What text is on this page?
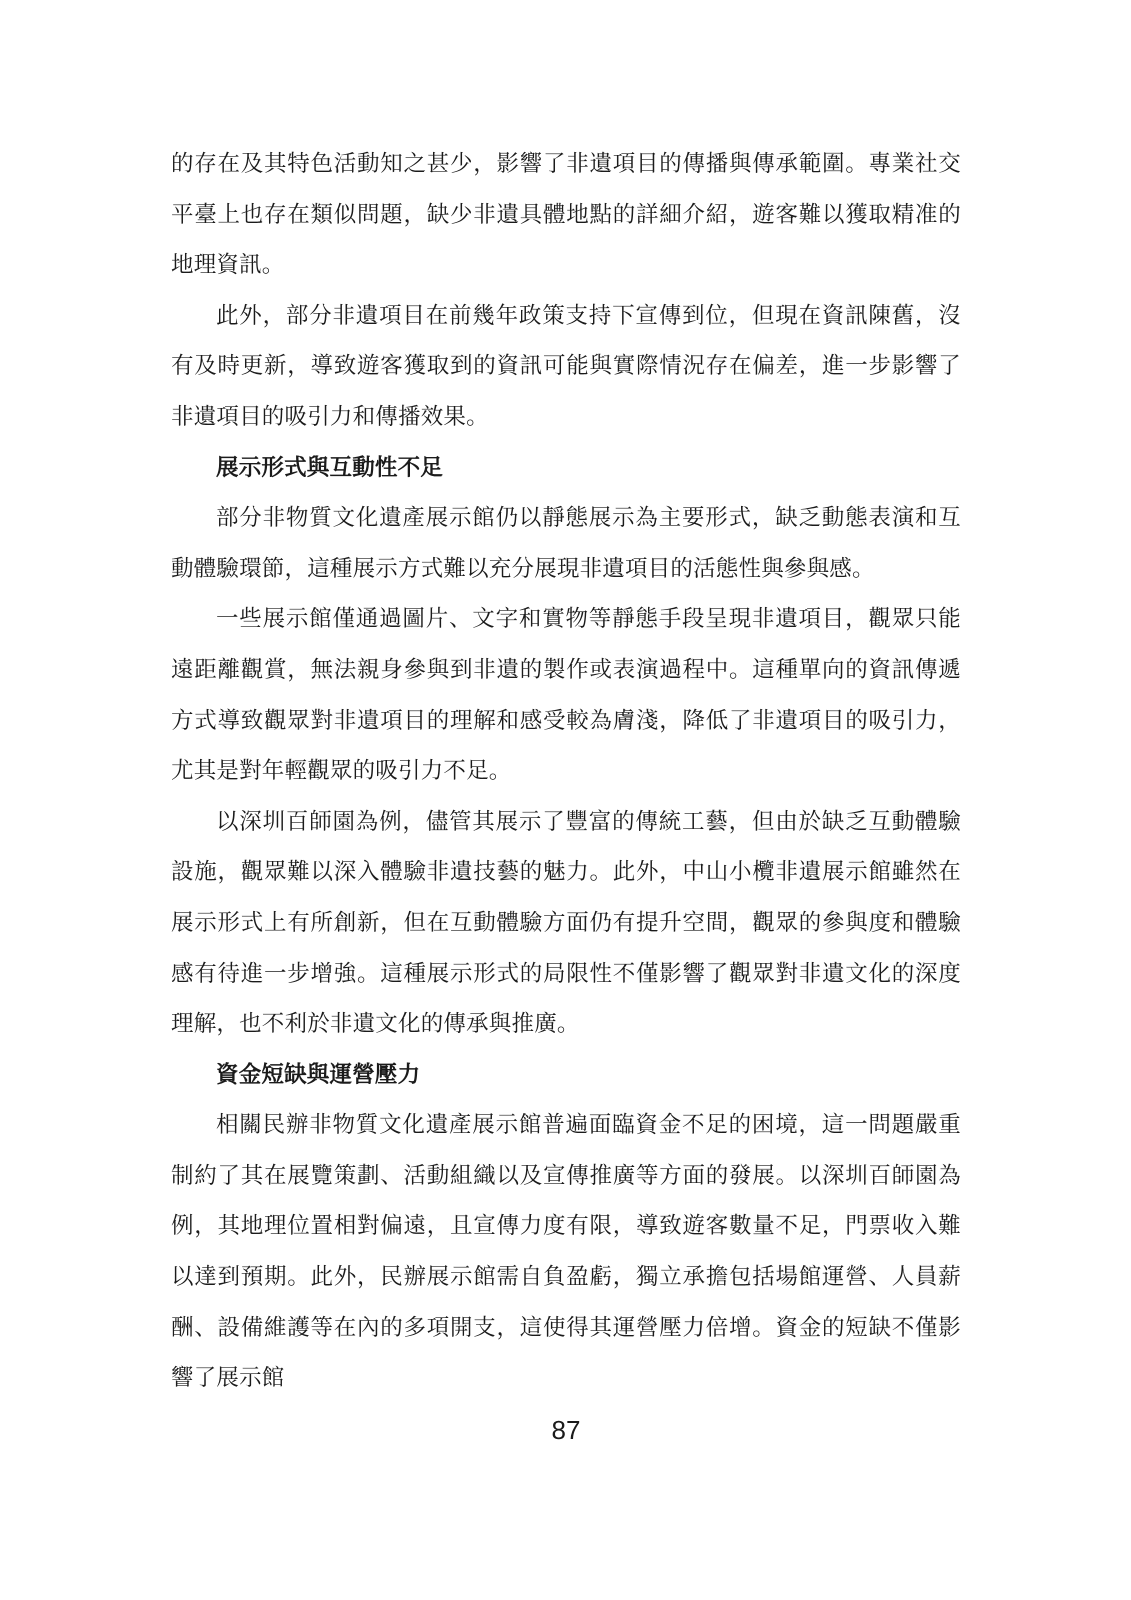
的存在及其特色活動知之甚少，影響了非遺項目的傳播與傳承範圍。專業社交平臺上也存在類似問題，缺少非遺具體地點的詳細介紹，遊客難以獲取精准的地理資訊。

此外，部分非遺項目在前幾年政策支持下宣傳到位，但現在資訊陳舊，沒有及時更新，導致遊客獲取到的資訊可能與實際情況存在偏差，進一步影響了非遺項目的吸引力和傳播效果。

展示形式與互動性不足

部分非物質文化遺產展示館仍以靜態展示為主要形式，缺乏動態表演和互動體驗環節，這種展示方式難以充分展現非遺項目的活態性與參與感。

一些展示館僅通過圖片、文字和實物等靜態手段呈現非遺項目，觀眾只能遠距離觀賞，無法親身參與到非遺的製作或表演過程中。這種單向的資訊傳遞方式導致觀眾對非遺項目的理解和感受較為膚淺，降低了非遺項目的吸引力，尤其是對年輕觀眾的吸引力不足。

以深圳百師園為例，儘管其展示了豐富的傳統工藝，但由於缺乏互動體驗設施，觀眾難以深入體驗非遺技藝的魅力。此外，中山小欖非遺展示館雖然在展示形式上有所創新，但在互動體驗方面仍有提升空間，觀眾的參與度和體驗感有待進一步增強。這種展示形式的局限性不僅影響了觀眾對非遺文化的深度理解，也不利於非遺文化的傳承與推廣。

資金短缺與運營壓力

相關民辦非物質文化遺產展示館普遍面臨資金不足的困境，這一問題嚴重制約了其在展覽策劃、活動組織以及宣傳推廣等方面的發展。以深圳百師園為例，其地理位置相對偏遠，且宣傳力度有限，導致遊客數量不足，門票收入難以達到預期。此外，民辦展示館需自負盈虧，獨立承擔包括場館運營、人員薪酬、設備維護等在內的多項開支，這使得其運營壓力倍增。資金的短缺不僅影響了展示館

87
